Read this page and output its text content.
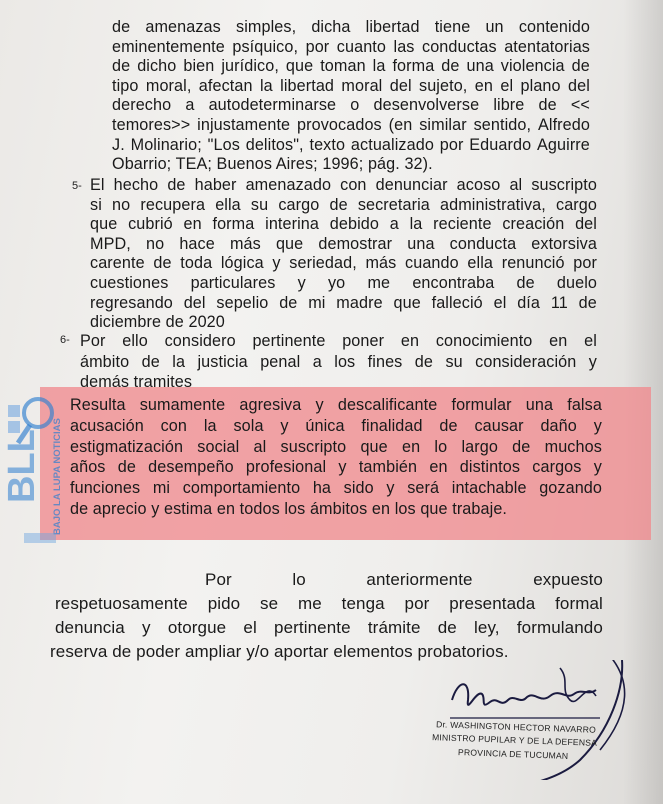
de amenazas simples, dicha libertad tiene un contenido
eminentemente psíquico, por cuanto las conductas atentatorias
de dicho bien jurídico, que toman la forma de una violencia de
tipo moral, afectan la libertad moral del sujeto, en el plano del
derecho a autodeterminarse o desenvolverse libre de <<
temores>> injustamente provocados (en similar sentido, Alfredo
J. Molinario; "Los delitos", texto actualizado por Eduardo Aguirre
Obarrio; TEA; Buenos Aires; 1996; pág. 32).
5- El hecho de haber amenazado con denunciar acoso al suscripto
si no recupera ella su cargo de secretaria administrativa, cargo
que cubrió en forma interina debido a la reciente creación del
MPD, no hace más que demostrar una conducta extorsiva
carente de toda lógica y seriedad, más cuando ella renunció por
cuestiones particulares y yo me encontraba de duelo
regresando del sepelio de mi madre que falleció el día 11 de
diciembre de 2020
6- Por ello considero pertinente poner en conocimiento en el
ámbito de la justicia penal a los fines de su consideración y
demás tramites
Resulta sumamente agresiva y descalificante formular una falsa
acusación con la sola y única finalidad de causar daño y
estigmatización social al suscripto que en lo largo de muchos
años de desempeño profesional y también en distintos cargos y
funciones mi comportamiento ha sido y será intachable gozando
de aprecio y estima en todos los ámbitos en los que trabaje.
Por	lo	anteriormente	expuesto
respetuosamente pido se me tenga por presentada formal
denuncia y otorgue el pertinente trámite de ley, formulando
reserva de poder ampliar y/o aportar elementos probatorios.
BLL BAJO LA LUPA NOTICIAS
Dr. WASHINGTON HECTOR NAVARRO
MINISTRO PUPILAR Y DE LA DEFENSA
PROVINCIA DE TUCUMAN
